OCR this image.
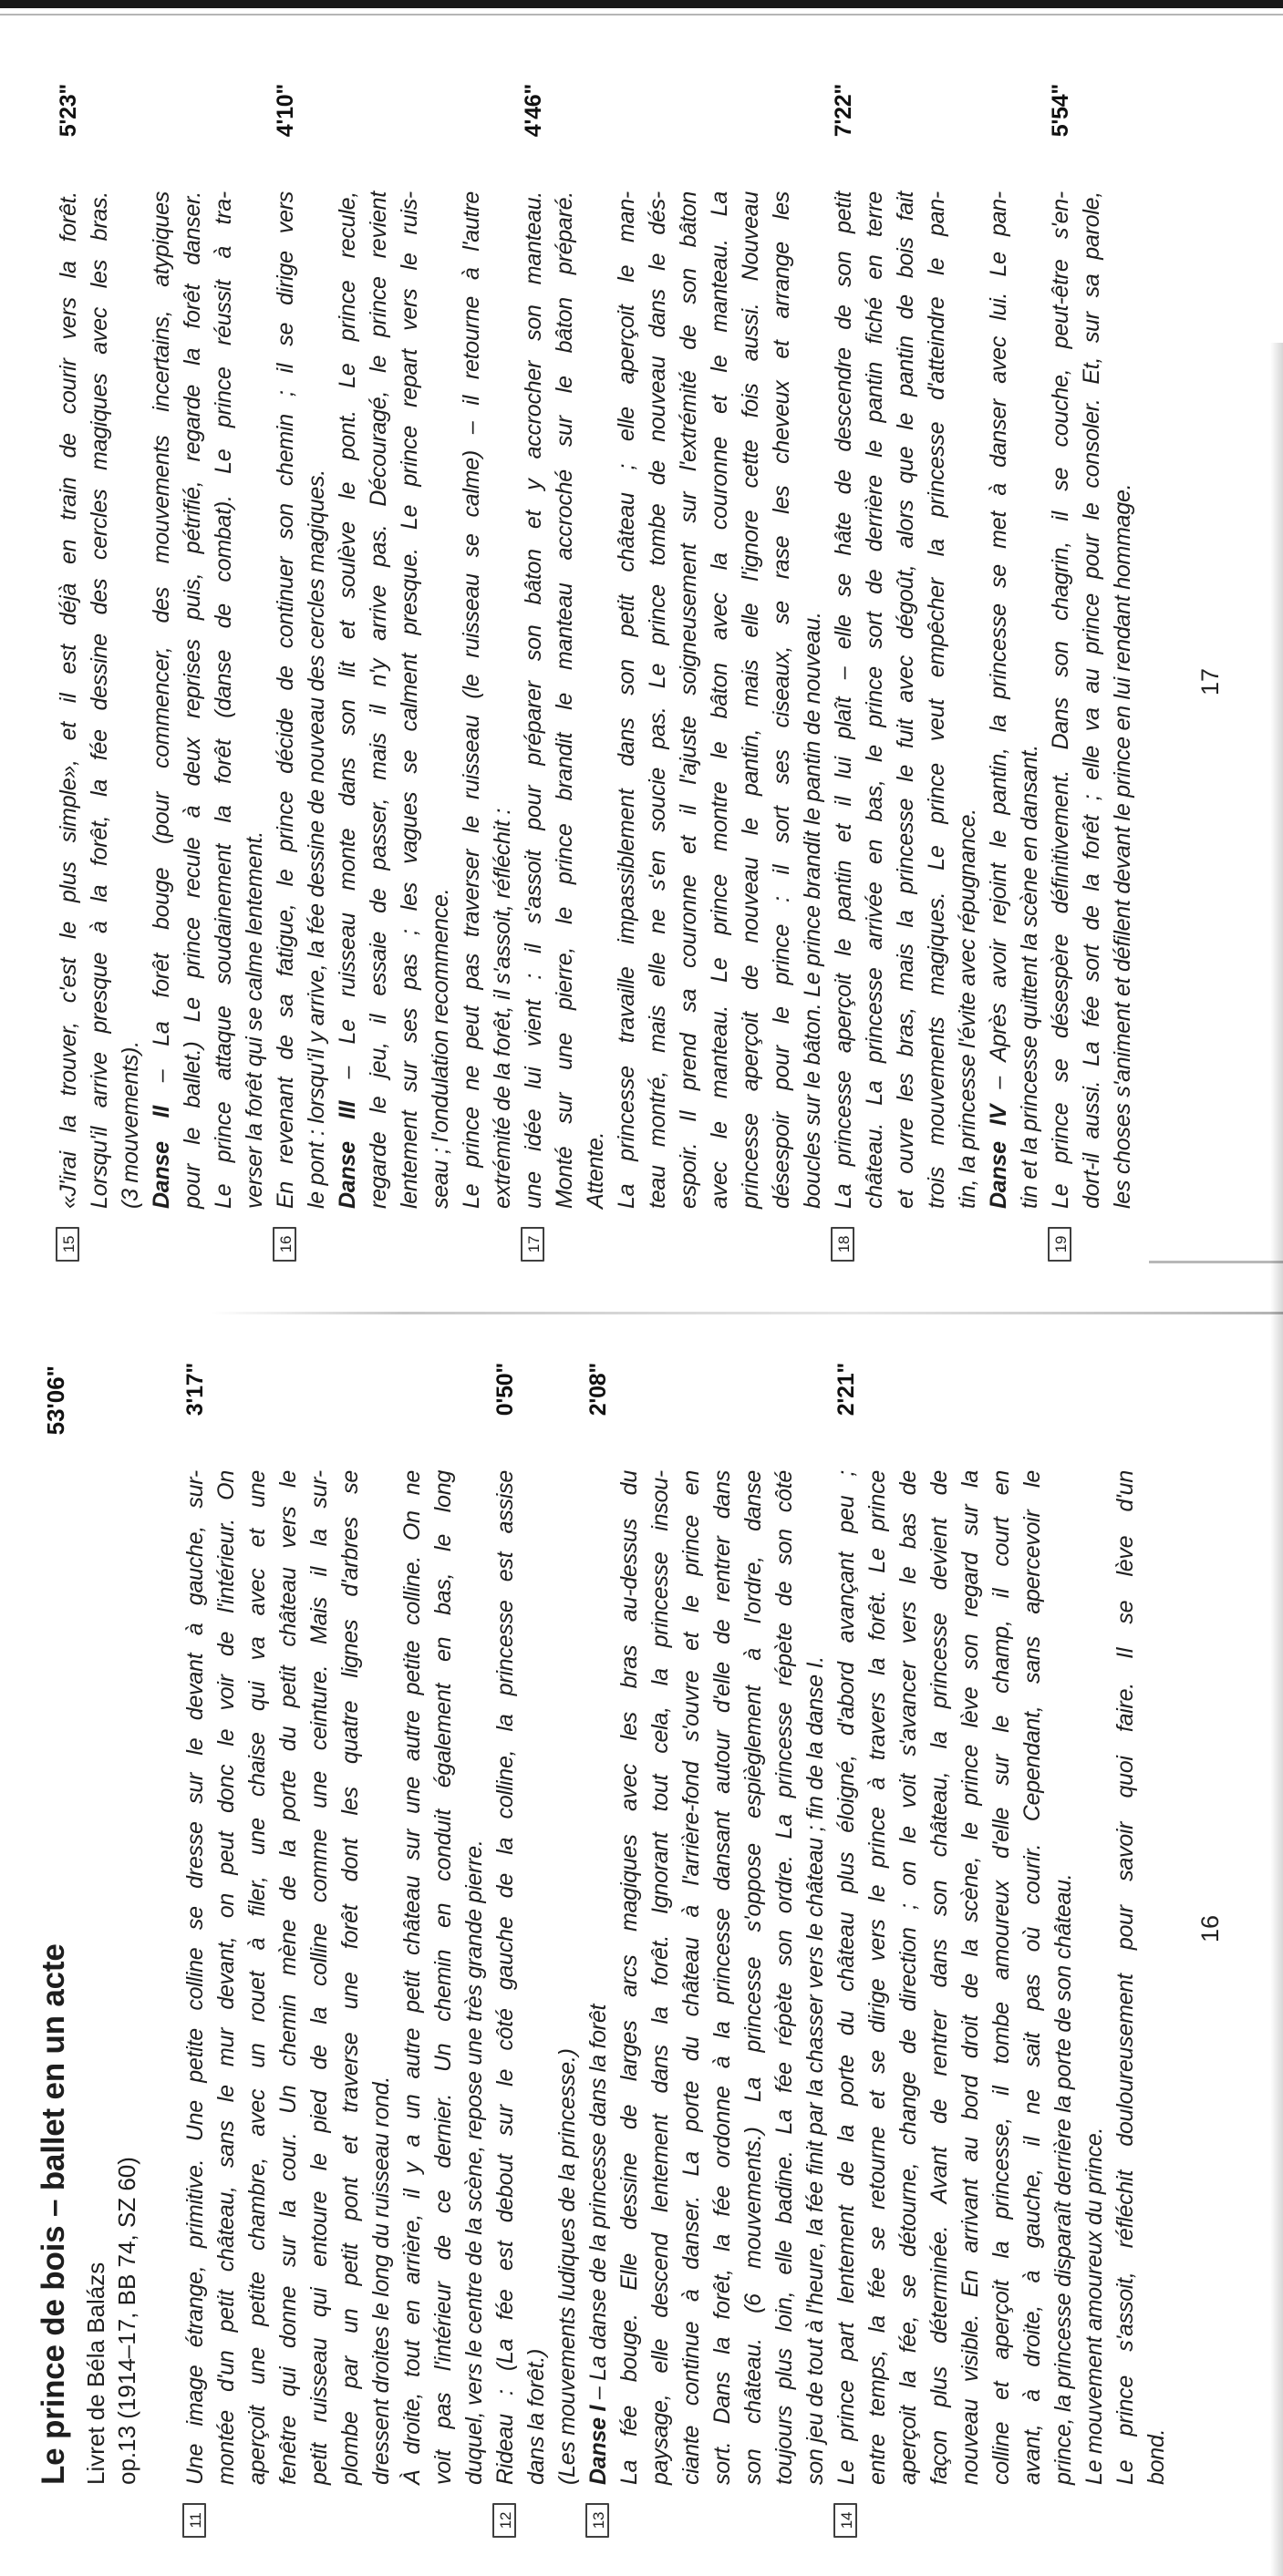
Le prince de bois – ballet en un acte Livret de Béla Balázs op.13 (1914–17, BB 74, SZ 60)
53'06"
Une image étrange, primitive. Une petite colline se dresse sur le devant à gauche, sur-
11
3'17"
montée d'un petit château, sans le mur devant, on peut donc le voir de l'intérieur. On aperçoit une petite chambre, avec un rouet à filer, une chaise qui va avec et une fenêtre qui donne sur la cour. Un chemin mène de la porte du petit château vers le petit ruisseau qui entoure le pied de la colline comme une ceinture. Mais il la sur- plombe par un petit pont et traverse une forêt dont les quatre lignes d'arbres se dressent droites le long du ruisseau rond. À droite, tout en arrière, il y a un autre petit château sur une autre petite colline. On ne voit pas l'intérieur de ce dernier. Un chemin en conduit également en bas, le long duquel, vers le centre de la scène, repose une très grande pierre. Rideau : (La fée est debout sur le côté gauche de la colline, la princesse est assise
12
0'50"
dans la forêt.) (Les mouvements ludiques de la princesse.) Danse I – La danse de la princesse dans la forêt
13
2'08"
La fée bouge. Elle dessine de larges arcs magiques avec les bras au-dessus du paysage, elle descend lentement dans la forêt. Ignorant tout cela, la princesse insou- ciante continue à danser. La porte du château à l'arrière-fond s'ouvre et le prince en sort. Dans la forêt, la fée ordonne à la princesse dansant autour d'elle de rentrer dans son château. (6 mouvements.) La princesse s'oppose espièglement à l'ordre, danse toujours plus loin, elle badine. La fée répète son ordre. La princesse répète de son côté son jeu de tout à l'heure, la fée finit par la chasser vers le château ; fin de la danse I. Le prince part lentement de la porte du château plus éloigné, d'abord avançant peu ;
14
2'21"
entre temps, la fée se retourne et se dirige vers le prince à travers la forêt. Le prince aperçoit la fée, se détourne, change de direction ; on le voit s'avancer vers le bas de façon plus déterminée. Avant de rentrer dans son château, la princesse devient de nouveau visible. En arrivant au bord droit de la scène, le prince lève son regard sur la colline et aperçoit la princesse, il tombe amoureux d'elle sur le champ, il court en avant, à droite, à gauche, il ne sait pas où courir. Cependant, sans apercevoir le prince, la princesse disparaît derrière la porte de son château. Le mouvement amoureux du prince. Le prince s'assoit, réfléchit douloureusement pour savoir quoi faire. Il se lève d'un bond.
16
«J'irai la trouver, c'est le plus simple», et il est déjà en train de courir vers la forêt.
15
5'23"
Lorsqu'il arrive presque à la forêt, la fée dessine des cercles magiques avec les bras. (3 mouvements). Danse II – La forêt bouge (pour commencer, des mouvements incertains, atypiques pour le ballet.) Le prince recule à deux reprises puis, pétrifié, regarde la forêt danser. Le prince attaque soudainement la forêt (danse de combat). Le prince réussit à tra- verser la forêt qui se calme lentement. En revenant de sa fatigue, le prince décide de continuer son chemin ; il se dirige vers
16
4'10"
le pont : lorsqu'il y arrive, la fée dessine de nouveau des cercles magiques. Danse III – Le ruisseau monte dans son lit et soulève le pont. Le prince recule, regarde le jeu, il essaie de passer, mais il n'y arrive pas. Découragé, le prince revient lentement sur ses pas ; les vagues se calment presque. Le prince repart vers le ruis- seau ; l'ondulation recommence. Le prince ne peut pas traverser le ruisseau (le ruisseau se calme) – il retourne à l'autre extrémité de la forêt, il s'assoit, réfléchit : une idée lui vient : il s'assoit pour préparer son bâton et y accrocher son manteau.
17
4'46"
Monté sur une pierre, le prince brandit le manteau accroché sur le bâton préparé. Attente. La princesse travaille impassiblement dans son petit château ; elle aperçoit le man- teau montré, mais elle ne s'en soucie pas. Le prince tombe de nouveau dans le dés- espoir. Il prend sa couronne et il l'ajuste soigneusement sur l'extrémité de son bâton avec le manteau. Le prince montre le bâton avec la couronne et le manteau. La princesse aperçoit de nouveau le pantin, mais elle l'ignore cette fois aussi. Nouveau désespoir pour le prince : il sort ses ciseaux, se rase les cheveux et arrange les boucles sur le bâton. Le prince brandit le pantin de nouveau. La princesse aperçoit le pantin et il lui plaît – elle se hâte de descendre de son petit
18
7'22"
château. La princesse arrivée en bas, le prince sort de derrière le pantin fiché en terre et ouvre les bras, mais la princesse le fuit avec dégoût, alors que le pantin de bois fait trois mouvements magiques. Le prince veut empêcher la princesse d'atteindre le pan- tin, la princesse l'évite avec répugnance. Danse IV – Après avoir rejoint le pantin, la princesse se met à danser avec lui. Le pan- tin et la princesse quittent la scène en dansant. Le prince se désespère définitivement. Dans son chagrin, il se couche, peut-être s'en-
19
5'54"
dort-il aussi. La fée sort de la forêt ; elle va au prince pour le consoler. Et, sur sa parole, les choses s'animent et défilent devant le prince en lui rendant hommage. 17
